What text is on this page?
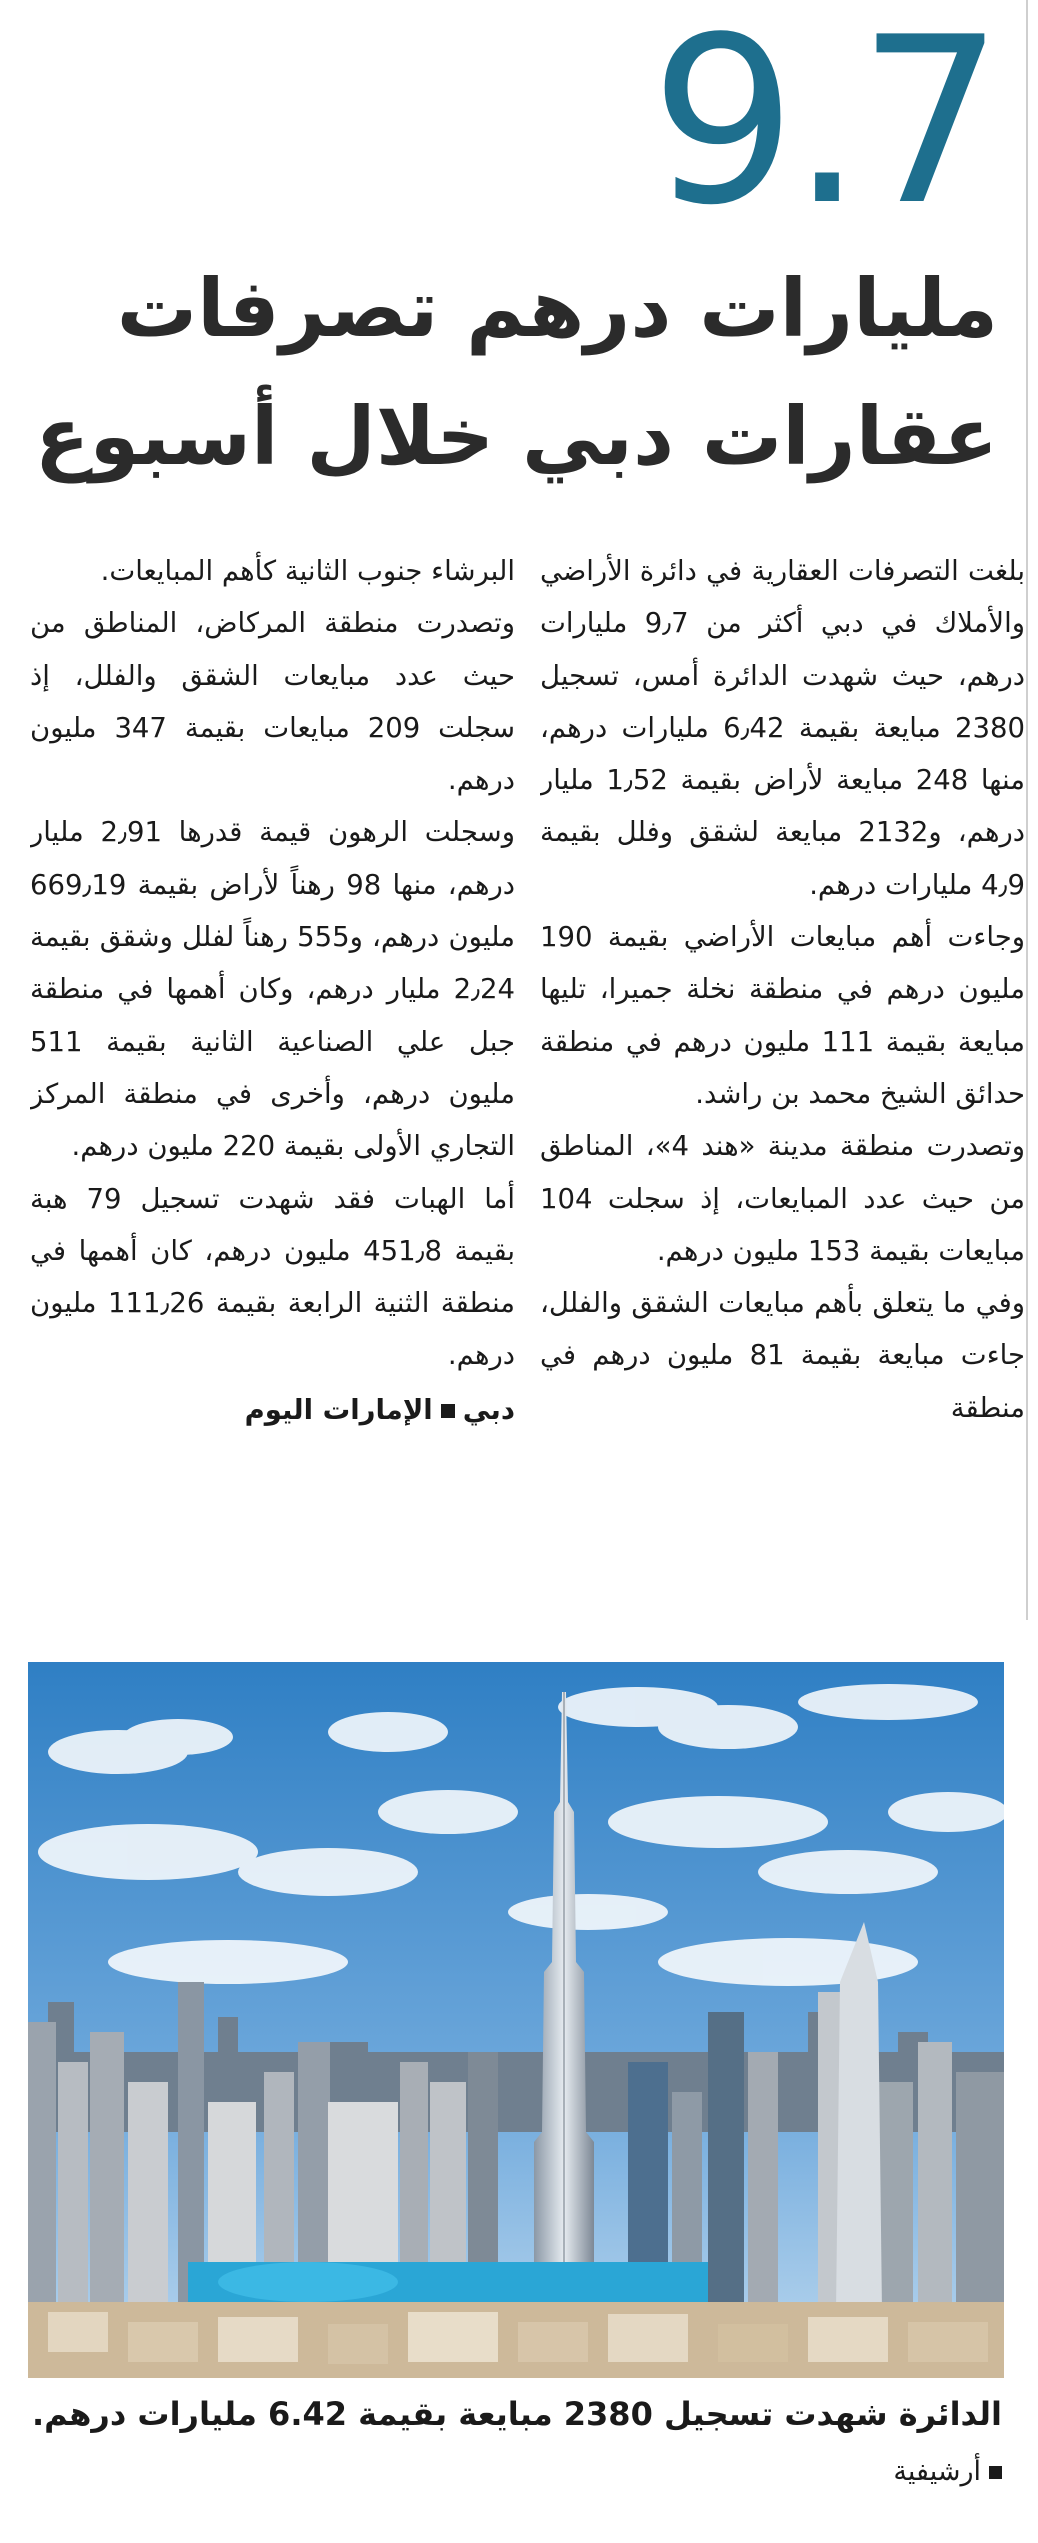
9.7
مليارات درهم تصرفات
عقارات دبي خلال أسبوع

بلغت التصرفات العقارية في دائرة الأراضي والأملاك في دبي أكثر من 9٫7 مليارات درهم، حيث شهدت الدائرة أمس، تسجيل 2380 مبايعة بقيمة 6٫42 مليارات درهم، منها 248 مبايعة لأراض بقيمة 1٫52 مليار درهم، و2132 مبايعة لشقق وفلل بقيمة 4٫9 مليارات درهم.

وجاءت أهم مبايعات الأراضي بقيمة 190 مليون درهم في منطقة نخلة جميرا، تليها مبايعة بقيمة 111 مليون درهم في منطقة حدائق الشيخ محمد بن راشد.

وتصدرت منطقة مدينة «هند 4»، المناطق من حيث عدد المبايعات، إذ سجلت 104 مبايعات بقيمة 153 مليون درهم.

وفي ما يتعلق بأهم مبايعات الشقق والفلل، جاءت مبايعة بقيمة 81 مليون درهم في منطقة

البرشاء جنوب الثانية كأهم المبايعات.

وتصدرت منطقة المركاض، المناطق من حيث عدد مبايعات الشقق والفلل، إذ سجلت 209 مبايعات بقيمة 347 مليون درهم.

وسجلت الرهون قيمة قدرها 2٫91 مليار درهم، منها 98 رهناً لأراض بقيمة 669٫19 مليون درهم، و555 رهناً لفلل وشقق بقيمة 2٫24 مليار درهم، وكان أهمها في منطقة جبل علي الصناعية الثانية بقيمة 511 مليون درهم، وأخرى في منطقة المركز التجاري الأولى بقيمة 220 مليون درهم.

أما الهبات فقد شهدت تسجيل 79 هبة بقيمة 451٫8 مليون درهم، كان أهمها في منطقة الثنية الرابعة بقيمة 111٫26 مليون درهم.

دبيالإمارات اليوم
الدائرة شهدت تسجيل 2380 مبايعة بقيمة 6.42 مليارات درهم.
أرشيفية
